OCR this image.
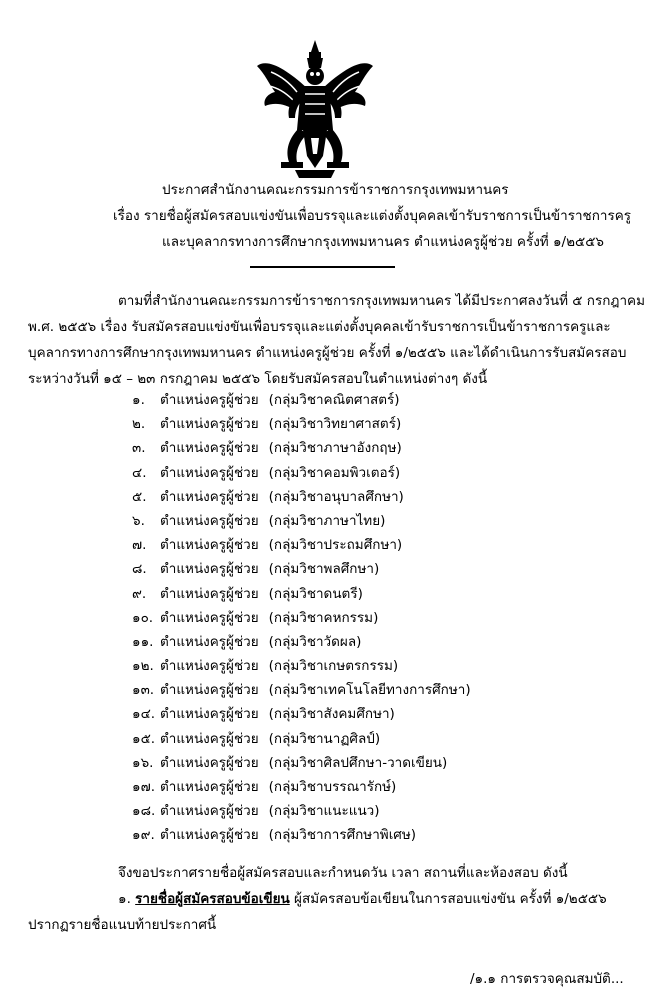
ประกาศสำนักงานคณะกรรมการข้าราชการกรุงเทพมหานคร
เรื่อง รายชื่อผู้สมัครสอบแข่งขันเพื่อบรรจุและแต่งตั้งบุคคลเข้ารับราชการเป็นข้าราชการครู
และบุคลากรทางการศึกษากรุงเทพมหานคร ตำแหน่งครูผู้ช่วย ครั้งที่ ๑/๒๕๕๖
ตามที่สำนักงานคณะกรรมการข้าราชการกรุงเทพมหานคร ได้มีประกาศลงวันที่ ๕ กรกฎาคม
พ.ศ. ๒๕๕๖ เรื่อง รับสมัครสอบแข่งขันเพื่อบรรจุและแต่งตั้งบุคคลเข้ารับราชการเป็นข้าราชการครูและ
บุคลากรทางการศึกษากรุงเทพมหานคร ตำแหน่งครูผู้ช่วย ครั้งที่ ๑/๒๕๕๖ และได้ดำเนินการรับสมัครสอบ
ระหว่างวันที่ ๑๕ – ๒๓ กรกฎาคม ๒๕๕๖ โดยรับสมัครสอบในตำแหน่งต่างๆ ดังนี้
๑.	ตำแหน่งครูผู้ช่วย (กลุ่มวิชาคณิตศาสตร์)
๒.	ตำแหน่งครูผู้ช่วย (กลุ่มวิชาวิทยาศาสตร์)
๓.	ตำแหน่งครูผู้ช่วย (กลุ่มวิชาภาษาอังกฤษ)
๔. ตำแหน่งครูผู้ช่วย (กลุ่มวิชาคอมพิวเตอร์)
๕. ตำแหน่งครูผู้ช่วย (กลุ่มวิชาอนุบาลศึกษา)
๖.	ตำแหน่งครูผู้ช่วย (กลุ่มวิชาภาษาไทย)
๗.	ตำแหน่งครูผู้ช่วย (กลุ่มวิชาประถมศึกษา)
๘. ตำแหน่งครูผู้ช่วย (กลุ่มวิชาพลศึกษา)
๙.	ตำแหน่งครูผู้ช่วย (กลุ่มวิชาดนตรี)
๑๐. ตำแหน่งครูผู้ช่วย (กลุ่มวิชาคหกรรม)
๑๑. ตำแหน่งครูผู้ช่วย (กลุ่มวิชาวัดผล)
๑๒. ตำแหน่งครูผู้ช่วย (กลุ่มวิชาเกษตรกรรม)
๑๓. ตำแหน่งครูผู้ช่วย (กลุ่มวิชาเทคโนโลยีทางการศึกษา)
๑๔. ตำแหน่งครูผู้ช่วย (กลุ่มวิชาสังคมศึกษา)
๑๕. ตำแหน่งครูผู้ช่วย (กลุ่มวิชานาฏศิลป์)
๑๖. ตำแหน่งครูผู้ช่วย (กลุ่มวิชาศิลปศึกษา-วาดเขียน)
๑๗. ตำแหน่งครูผู้ช่วย (กลุ่มวิชาบรรณารักษ์)
๑๘. ตำแหน่งครูผู้ช่วย (กลุ่มวิชาแนะแนว)
๑๙. ตำแหน่งครูผู้ช่วย (กลุ่มวิชาการศึกษาพิเศษ)
จึงขอประกาศรายชื่อผู้สมัครสอบและกำหนดวัน เวลา สถานที่และห้องสอบ ดังนี้
๑. รายชื่อผู้สมัครสอบข้อเขียน ผู้สมัครสอบข้อเขียนในการสอบแข่งขัน ครั้งที่ ๑/๒๕๕๖
ปรากฏรายชื่อแนบท้ายประกาศนี้
/๑.๑ การตรวจคุณสมบัติ...
